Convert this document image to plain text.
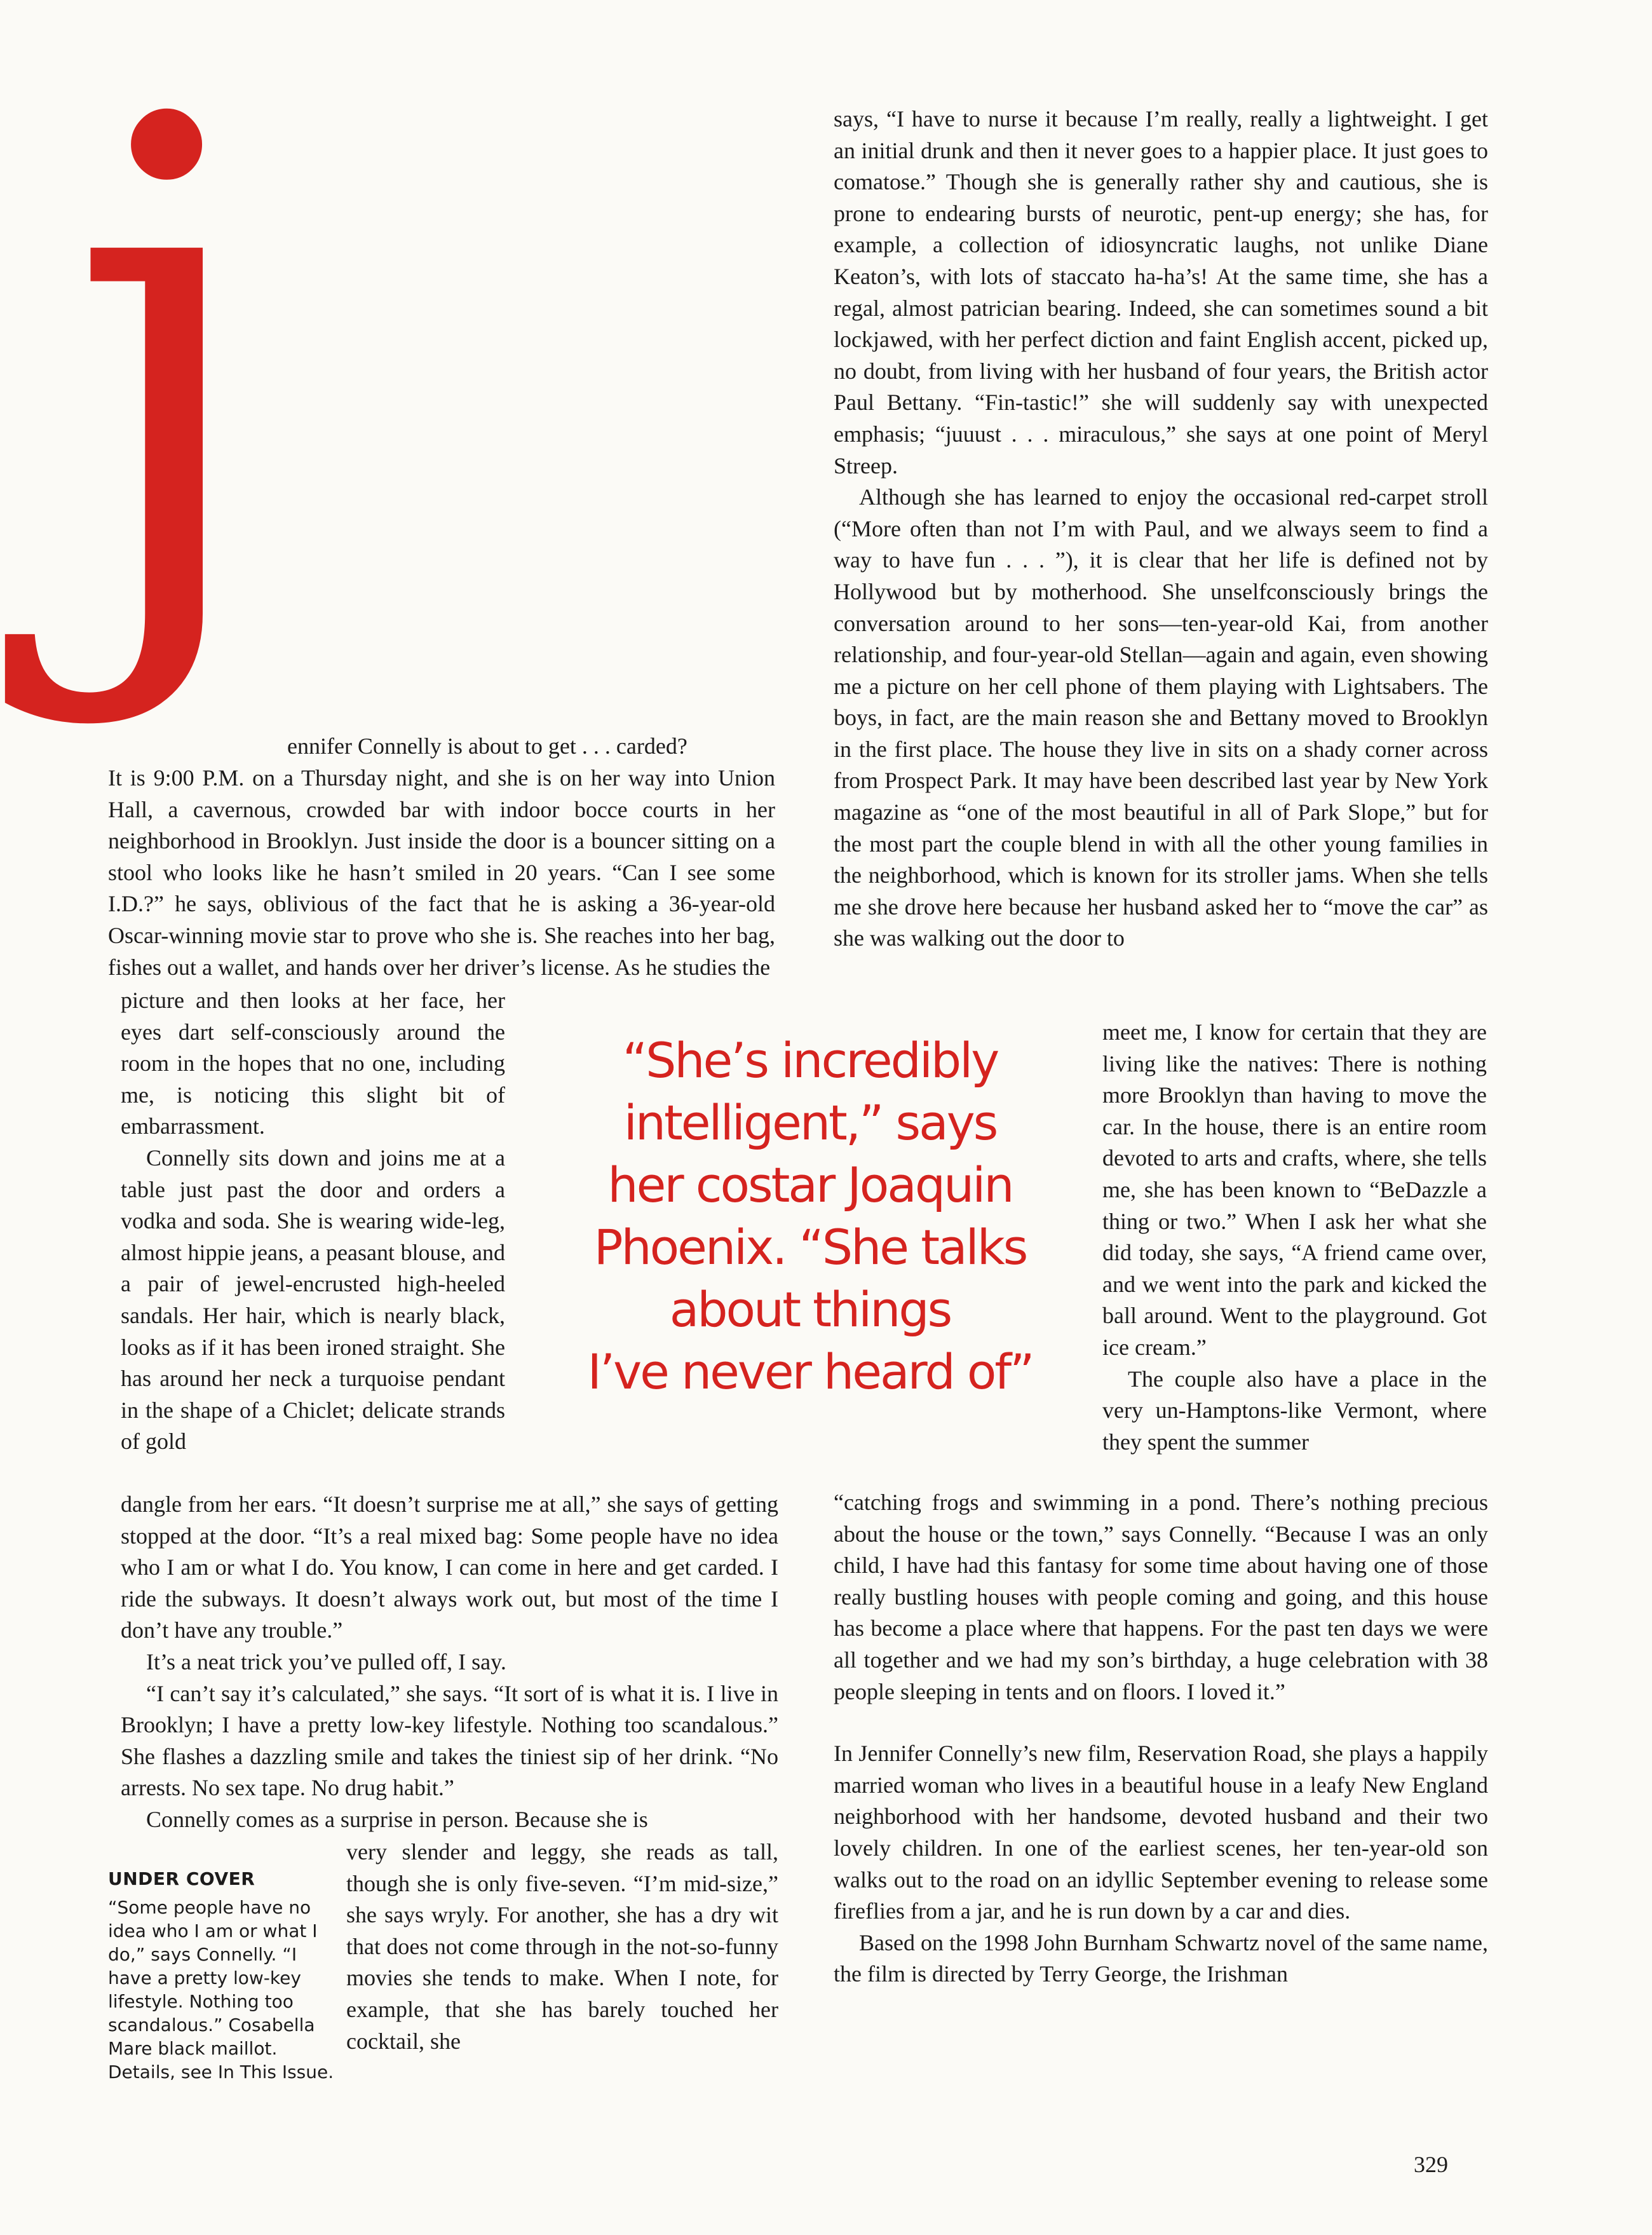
j

ennifer Connelly is about to get . . . carded?

It is 9:00 P.M. on a Thursday night, and she is on her way into Union Hall, a cavernous, crowded bar with indoor bocce courts in her neighborhood in Brooklyn. Just inside the door is a bouncer sitting on a stool who looks like he hasn’t smiled in 20 years. “Can I see some I.D.?” he says, oblivious of the fact that he is asking a 36-year-old Oscar-winning movie star to prove who she is. She reaches into her bag, fishes out a wallet, and hands over her driver’s license. As he studies the

picture and then looks at her face, her eyes dart self-consciously around the room in the hopes that no one, including me, is noticing this slight bit of embarrassment.

Connelly sits down and joins me at a table just past the door and orders a vodka and soda. She is wearing wide-leg, almost hippie jeans, a peasant blouse, and a pair of jewel-encrusted high-heeled sandals. Her hair, which is nearly black, looks as if it has been ironed straight. She has around her neck a turquoise pendant in the shape of a Chiclet; delicate strands of gold

dangle from her ears. “It doesn’t surprise me at all,” she says of getting stopped at the door. “It’s a real mixed bag: Some people have no idea who I am or what I do. You know, I can come in here and get carded. I ride the subways. It doesn’t always work out, but most of the time I don’t have any trouble.”

It’s a neat trick you’ve pulled off, I say.

“I can’t say it’s calculated,” she says. “It sort of is what it is. I live in Brooklyn; I have a pretty low-key lifestyle. Nothing too scandalous.” She flashes a dazzling smile and takes the tiniest sip of her drink. “No arrests. No sex tape. No drug habit.”

Connelly comes as a surprise in person. Because she is

very slender and leggy, she reads as tall, though she is only five-seven. “I’m mid-size,” she says wryly. For another, she has a dry wit that does not come through in the not-so-funny movies she tends to make. When I note, for example, that she has barely touched her cocktail, she

says, “I have to nurse it because I’m really, really a lightweight. I get an initial drunk and then it never goes to a happier place. It just goes to comatose.” Though she is generally rather shy and cautious, she is prone to endearing bursts of neurotic, pent-up energy; she has, for example, a collection of idiosyncratic laughs, not unlike Diane Keaton’s, with lots of staccato ha-ha’s! At the same time, she has a regal, almost patrician bearing. Indeed, she can sometimes sound a bit lockjawed, with her perfect diction and faint English accent, picked up, no doubt, from living with her husband of four years, the British actor Paul Bettany. “Fin-tastic!” she will suddenly say with unexpected emphasis; “juuust . . . miraculous,” she says at one point of Meryl Streep.

Although she has learned to enjoy the occasional red-carpet stroll (“More often than not I’m with Paul, and we always seem to find a way to have fun . . . ”), it is clear that her life is defined not by Hollywood but by motherhood. She unselfconsciously brings the conversation around to her sons—ten-year-old Kai, from another relationship, and four-year-old Stellan—again and again, even showing me a picture on her cell phone of them playing with Lightsabers. The boys, in fact, are the main reason she and Bettany moved to Brooklyn in the first place. The house they live in sits on a shady corner across from Prospect Park. It may have been described last year by New York magazine as “one of the most beautiful in all of Park Slope,” but for the most part the couple blend in with all the other young families in the neighborhood, which is known for its stroller jams. When she tells me she drove here because her husband asked her to “move the car” as she was walking out the door to

meet me, I know for certain that they are living like the natives: There is nothing more Brooklyn than having to move the car. In the house, there is an entire room devoted to arts and crafts, where, she tells me, she has been known to “BeDazzle a thing or two.” When I ask her what she did today, she says, “A friend came over, and we went into the park and kicked the ball around. Went to the playground. Got ice cream.”

The couple also have a place in the very un-Hamptons-like Vermont, where they spent the summer

“catching frogs and swimming in a pond. There’s nothing precious about the house or the town,” says Connelly. “Because I was an only child, I have had this fantasy for some time about having one of those really bustling houses with people coming and going, and this house has become a place where that happens. For the past ten days we were all together and we had my son’s birthday, a huge celebration with 38 people sleeping in tents and on floors. I loved it.”

In Jennifer Connelly’s new film, Reservation Road, she plays a happily married woman who lives in a beautiful house in a leafy New England neighborhood with her handsome, devoted husband and their two lovely children. In one of the earliest scenes, her ten-year-old son walks out to the road on an idyllic September evening to release some fireflies from a jar, and he is run down by a car and dies.

Based on the 1998 John Burnham Schwartz novel of the same name, the film is directed by Terry George, the Irishman

“She’s incredibly
intelligent,” says
her costar Joaquin
Phoenix. “She talks
about things
I’ve never heard of”
UNDER COVER

“Some people have no idea who I am or what I do,” says Connelly. “I have a pretty low-key lifestyle. Nothing too scandalous.” Cosabella Mare black maillot. Details, see In This Issue.

329
